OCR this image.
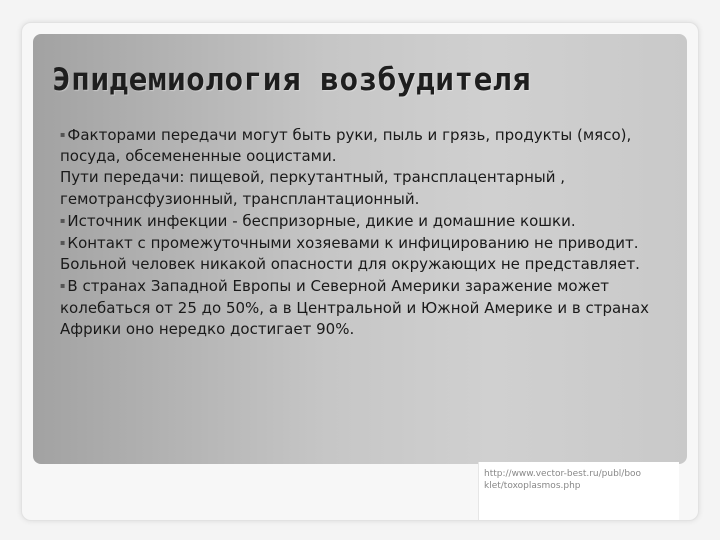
Эпидемиология возбудителя

▪ Факторами передачи могут быть руки, пыль и грязь, продукты (мясо), посуда, обсемененные ооцистами.

Пути передачи: пищевой, перкутантный, трансплацентарный , гемотрансфузионный, трансплантационный.

▪ Источник инфекции - беспризорные, дикие и домашние кошки.

▪ Контакт с промежуточными хозяевами к инфицированию не приводит. Больной человек никакой опасности для окружающих не представляет.

▪ В странах Западной Европы и Северной Америки заражение может колебаться от 25 до 50%, а в Центральной и Южной Америке и в странах Африки оно нередко достигает 90%.

http://www.vector-best.ru/publ/booklet/toxoplasmos.php
